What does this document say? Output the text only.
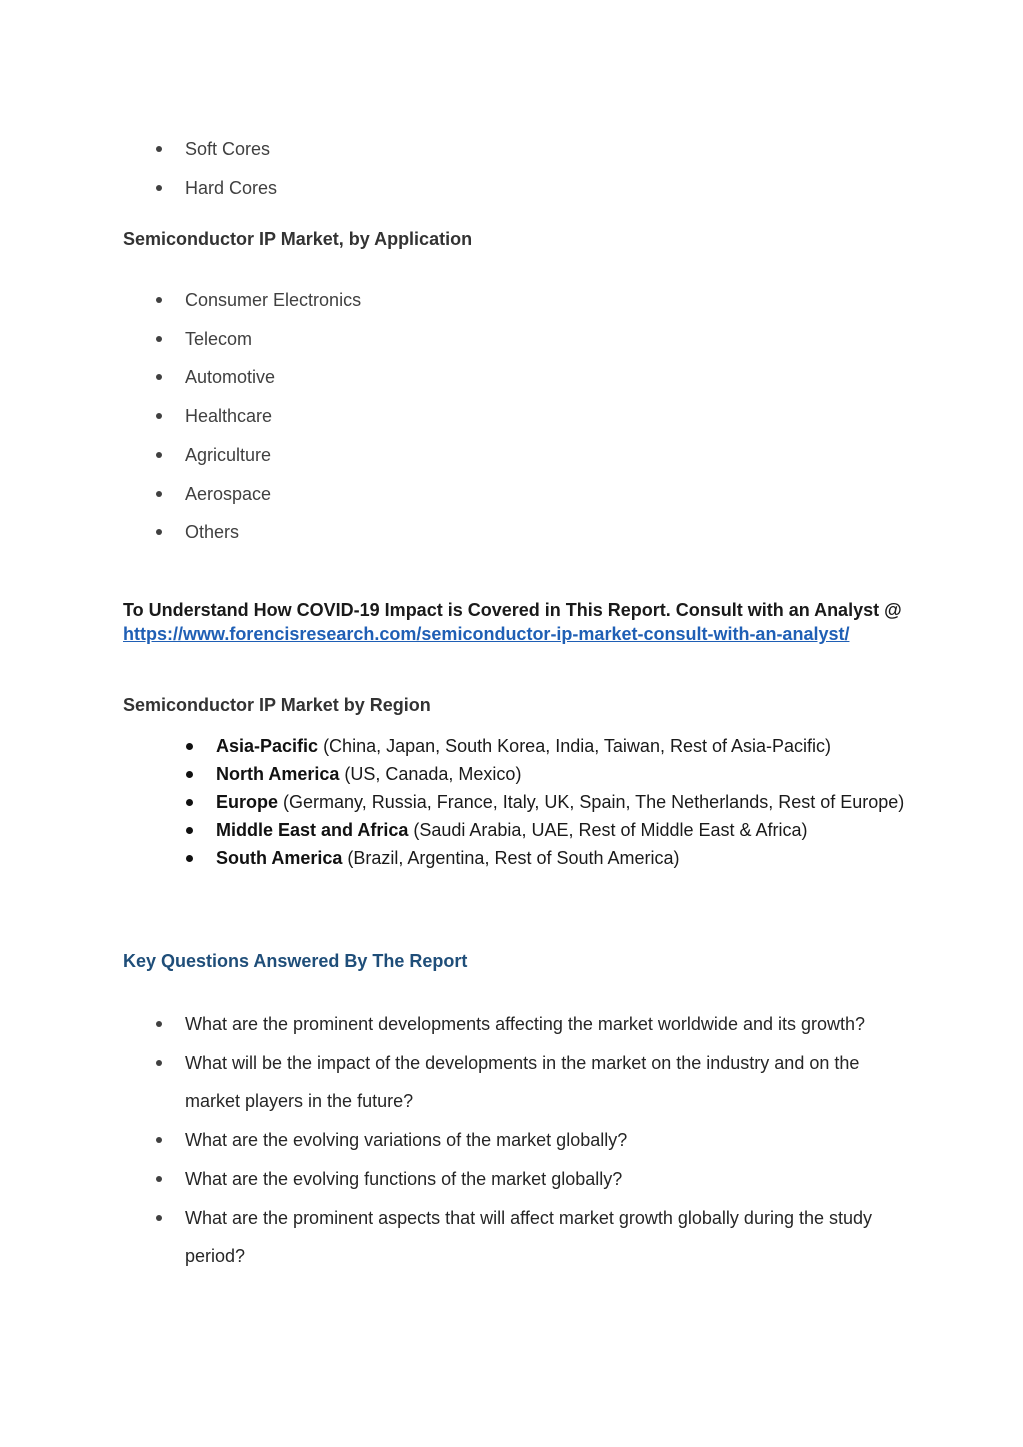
Soft Cores
Hard Cores
Semiconductor IP Market, by Application
Consumer Electronics
Telecom
Automotive
Healthcare
Agriculture
Aerospace
Others
To Understand How COVID-19 Impact is Covered in This Report. Consult with an Analyst @
https://www.forencisresearch.com/semiconductor-ip-market-consult-with-an-analyst/
Semiconductor IP Market by Region
Asia-Pacific (China, Japan, South Korea, India, Taiwan, Rest of Asia-Pacific)
North America (US, Canada, Mexico)
Europe (Germany, Russia, France, Italy, UK, Spain, The Netherlands, Rest of Europe)
Middle East and Africa (Saudi Arabia, UAE, Rest of Middle East & Africa)
South America (Brazil, Argentina, Rest of South America)
Key Questions Answered By The Report
What are the prominent developments affecting the market worldwide and its growth?
What will be the impact of the developments in the market on the industry and on the market players in the future?
What are the evolving variations of the market globally?
What are the evolving functions of the market globally?
What are the prominent aspects that will affect market growth globally during the study period?
